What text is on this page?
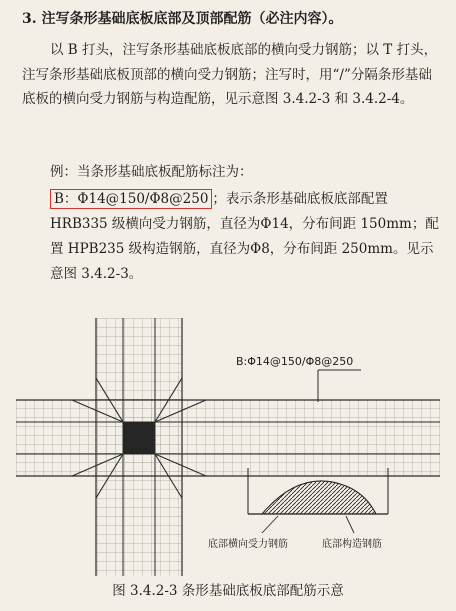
3. 注写条形基础底板底部及顶部配筋（必注内容）。
以 B 打头，注写条形基础底板底部的横向受力钢筋；以 T 打头，注写条形基础底板顶部的横向受力钢筋；注写时，用“/”分隔条形基础底板的横向受力钢筋与构造配筋，见示意图 3.4.2-3 和 3.4.2-4。
例：当条形基础底板配筋标注为：
B：Φ14@150/Φ8@250 ；表示条形基础底板底部配置 HRB335 级横向受力钢筋，直径为Φ14，分布间距 150mm；配置 HPB235 级构造钢筋，直径为Φ8，分布间距 250mm。见示意图 3.4.2-3。
B:Φ14@150/Φ8@250
底部横向受力钢筋	底部构造钢筋
图 3.4.2-3 条形基础底板底部配筋示意
